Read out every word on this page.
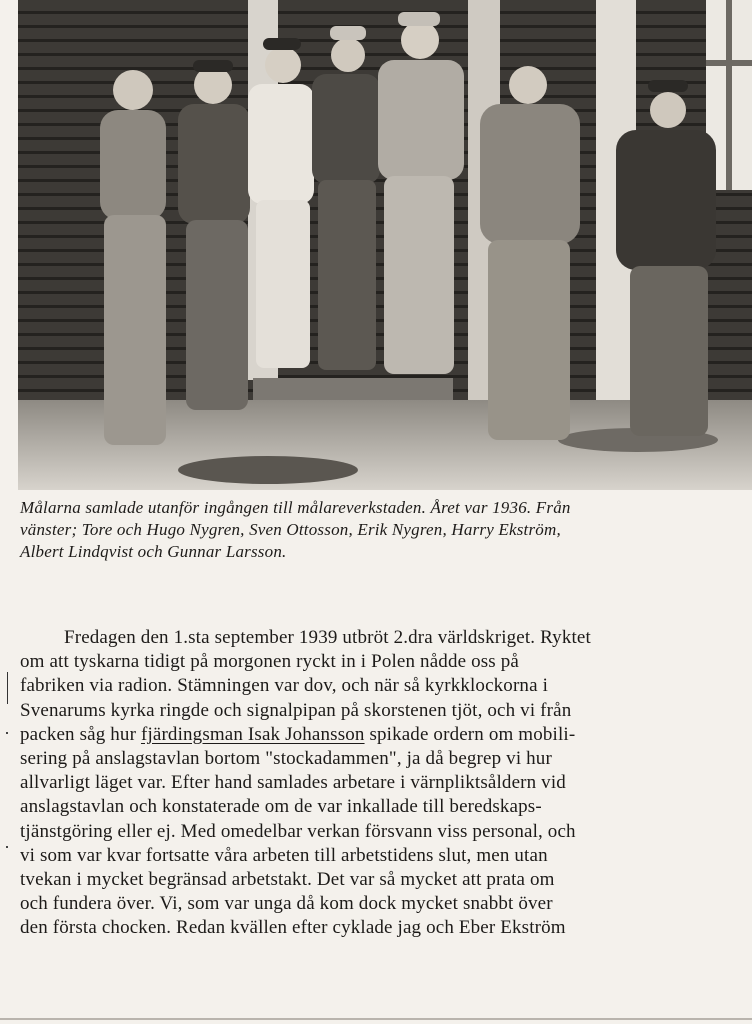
Målarna samlade utanför ingången till målareverkstaden. Året var 1936. Från
vänster; Tore och Hugo Nygren, Sven Ottosson, Erik Nygren, Harry Ekström,
Albert Lindqvist och Gunnar Larsson.
Fredagen den 1.sta september 1939 utbröt 2.dra världskriget. Ryktet
om att tyskarna tidigt på morgonen ryckt in i Polen nådde oss på
fabriken via radion. Stämningen var dov, och när så kyrkklockorna i
Svenarums kyrka ringde och signalpipan på skorstenen tjöt, och vi från
packen såg hur fjärdingsman Isak Johansson spikade ordern om mobili-
sering på anslagstavlan bortom "stockadammen", ja då begrep vi hur
allvarligt läget var. Efter hand samlades arbetare i värnpliktsåldern vid
anslagstavlan och konstaterade om de var inkallade till beredskaps-
tjänstgöring eller ej. Med omedelbar verkan försvann viss personal, och
vi som var kvar fortsatte våra arbeten till arbetstidens slut, men utan
tvekan i mycket begränsad arbetstakt. Det var så mycket att prata om
och fundera över. Vi, som var unga då kom dock mycket snabbt över
den första chocken. Redan kvällen efter cyklade jag och Eber Ekström
